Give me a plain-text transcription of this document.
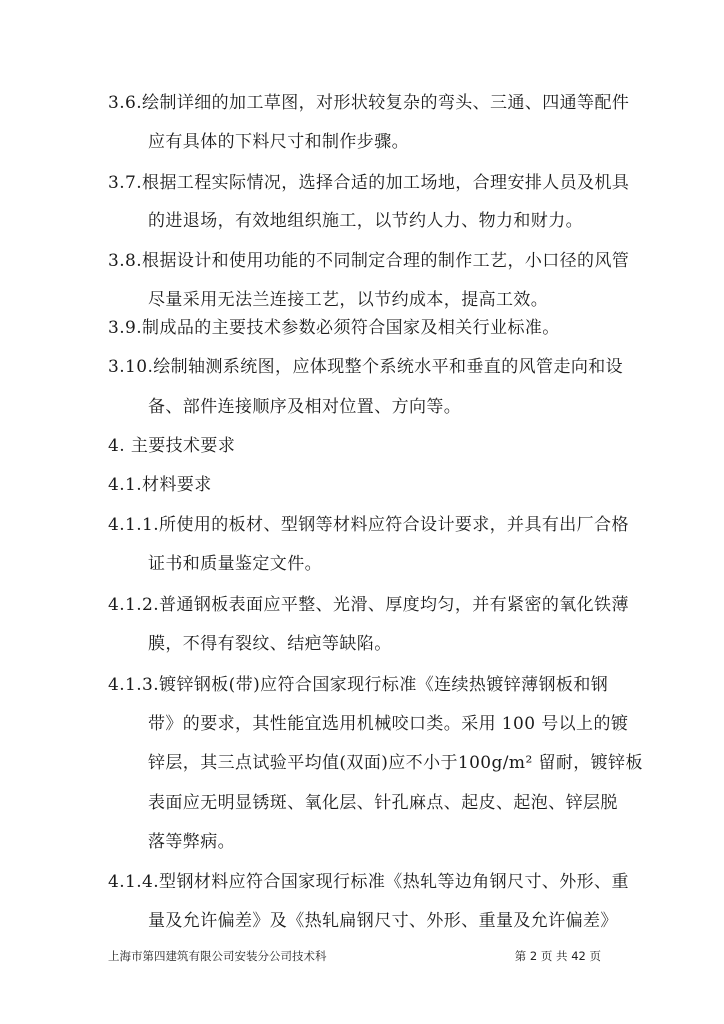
3.6.绘制详细的加工草图，对形状较复杂的弯头、三通、四通等配件
应有具体的下料尺寸和制作步骤。
3.7.根据工程实际情况，选择合适的加工场地，合理安排人员及机具
的进退场，有效地组织施工，以节约人力、物力和财力。
3.8.根据设计和使用功能的不同制定合理的制作工艺，小口径的风管
尽量采用无法兰连接工艺，以节约成本，提高工效。
3.9.制成品的主要技术参数必须符合国家及相关行业标准。
3.10.绘制轴测系统图，应体现整个系统水平和垂直的风管走向和设
备、部件连接顺序及相对位置、方向等。
4. 主要技术要求
4.1.材料要求
4.1.1.所使用的板材、型钢等材料应符合设计要求，并具有出厂合格
证书和质量鉴定文件。
4.1.2.普通钢板表面应平整、光滑、厚度均匀，并有紧密的氧化铁薄
膜，不得有裂纹、结疤等缺陷。
4.1.3.镀锌钢板(带)应符合国家现行标准《连续热镀锌薄钢板和钢
带》的要求，其性能宜选用机械咬口类。采用 100 号以上的镀
锌层，其三点试验平均值(双面)应不小于100g/m² 留耐，镀锌板
表面应无明显锈斑、氧化层、针孔麻点、起皮、起泡、锌层脱
落等弊病。
4.1.4.型钢材料应符合国家现行标准《热轧等边角钢尺寸、外形、重
量及允许偏差》及《热轧扁钢尺寸、外形、重量及允许偏差》
上海市第四建筑有限公司安装分公司技术科	第 2 页 共 42 页
